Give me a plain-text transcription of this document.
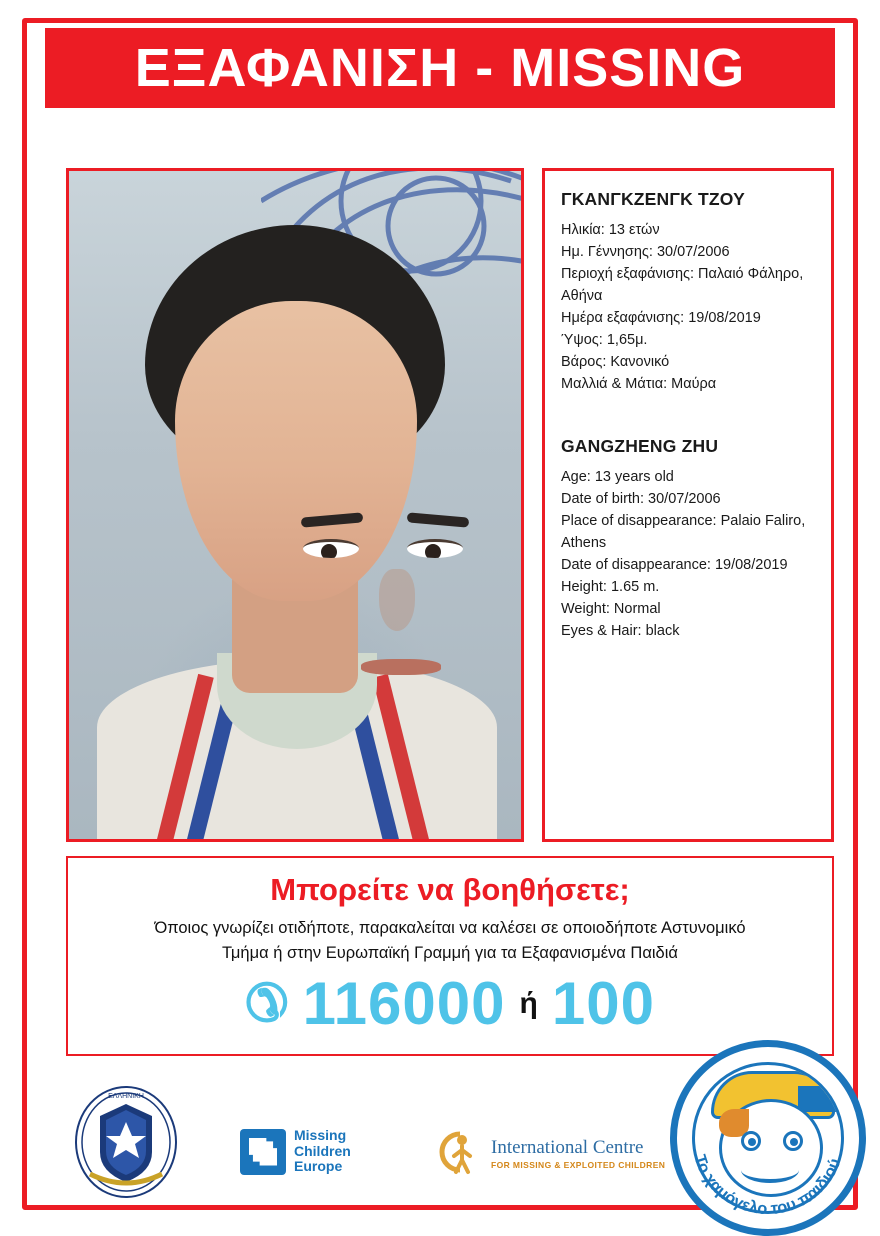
ΕΞΑΦΑΝΙΣΗ - MISSING
ΓΚΑΝΓΚΖΕΝΓΚ ΤΖΟΥ
Ηλικία: 13 ετών
Ημ. Γέννησης: 30/07/2006
Περιοχή εξαφάνισης: Παλαιό Φάληρο,
Αθήνα
Ημέρα εξαφάνισης: 19/08/2019
Ύψος: 1,65μ.
Βάρος: Κανονικό
Μαλλιά & Μάτια: Μαύρα
GANGZHENG ZHU
Age: 13 years old
Date of birth: 30/07/2006
Place of disappearance: Palaio Faliro,
Athens
Date of disappearance: 19/08/2019
Height: 1.65 m.
Weight: Normal
Eyes & Hair: black
Μπορείτε να βοηθήσετε;
Όποιος γνωρίζει οτιδήποτε, παρακαλείται να καλέσει σε οποιοδήποτε Αστυνομικό
Τμήμα ή στην Ευρωπαϊκή Γραμμή για τα Εξαφανισμένα Παιδιά
✆ 116000 ή 100
ΕΛΛΗΝΙΚΗ
Missing
Children
Europe
International Centre
FOR MISSING & EXPLOITED CHILDREN Το χαμόγελο του παιδιού
